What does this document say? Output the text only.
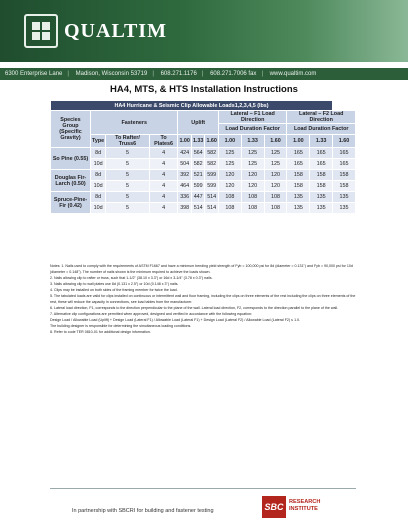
QUALTIM
6300 Enterprise Lane | Madison, Wisconsin 53719 | 608.271.1176 | 608.271.7006 fax | www.qualtim.com
HA4, MTS, & HTS Installation Instructions
HA4 Hurricane & Seismic Clip Allowable Loads1,2,3,4,5 (lbs)												
Species Group (Specific Gravity)	Fasteners			Uplift			Lateral – F1 Load Direction			Lateral – F2 Load Direction		
							Load Duration Factor			Load Duration Factor		
	Type	To Rafter/ Truss6	To Plates6	1.00	1.33	1.60	1.00	1.33	1.60	1.00	1.33	1.60
So Pine (0.55)	8d	5	4	424	564	582	125	125	125	165	165	165
	10d	5	4	504	582	582	125	125	125	165	165	165
Douglas Fir-Larch (0.50)	8d	5	4	392	521	599	120	120	120	158	158	158
	10d	5	4	464	599	599	120	120	120	158	158	158
Spruce-Pine-Fir (0.42)	8d	5	4	336	447	514	108	108	108	135	135	135
	10d	5	4	398	514	514	108	108	108	135	135	135

Notes: 1. Nails used to comply with the requirements of ASTM F1667 and have a minimum bending yield strength of Fyb = 100,000 psi for 8d (diameter = 0.131") and Fyb = 90,000 psi for 10d (diameter = 0.148"). The number of nails shown is the minimum required to achieve the loads shown.

2. Nails allowing clip to rafter or truss, such that 1-1/2" (38.10 x 3.3") or 16d x 3-1/4" (3.78 x 0.3") nails.

3. Nails allowing clip to wall plates use 8d (0.131 x 2.5") or 10d (0.148 x 3") nails.

4. Clips may be installed on both sides of the framing member for twice the load.

5. The tabulated loads are valid for clips installed on continuous or intermittent wall and floor framing, including the clips on three elements of the rest including the clips on three elements of the rest, these will reduce the capacity in connections, see load tables from the manufacturer.

6. Lateral load direction, F1, corresponds to the direction perpendicular to the plane of the wall. Lateral load direction, F2, corresponds to the direction parallel to the plane of the wall.

7. Alternative clip configurations are permitted when approved, designed and verified in accordance with the following equation:

Design Load / Allowable Load (Uplift) + Design Load (Lateral F1) / Allowable Load (Lateral F1) + Design Load (Lateral F2) / Allowable Load (Lateral F2) ≤ 1.0.

The building designer is responsible for determining the simultaneous loading conditions.

8. Refer to code TER 0810-01 for additional design information.

In partnership with SBCRI for building and fastener testing	SBC RESEARCH
INSTITUTE
